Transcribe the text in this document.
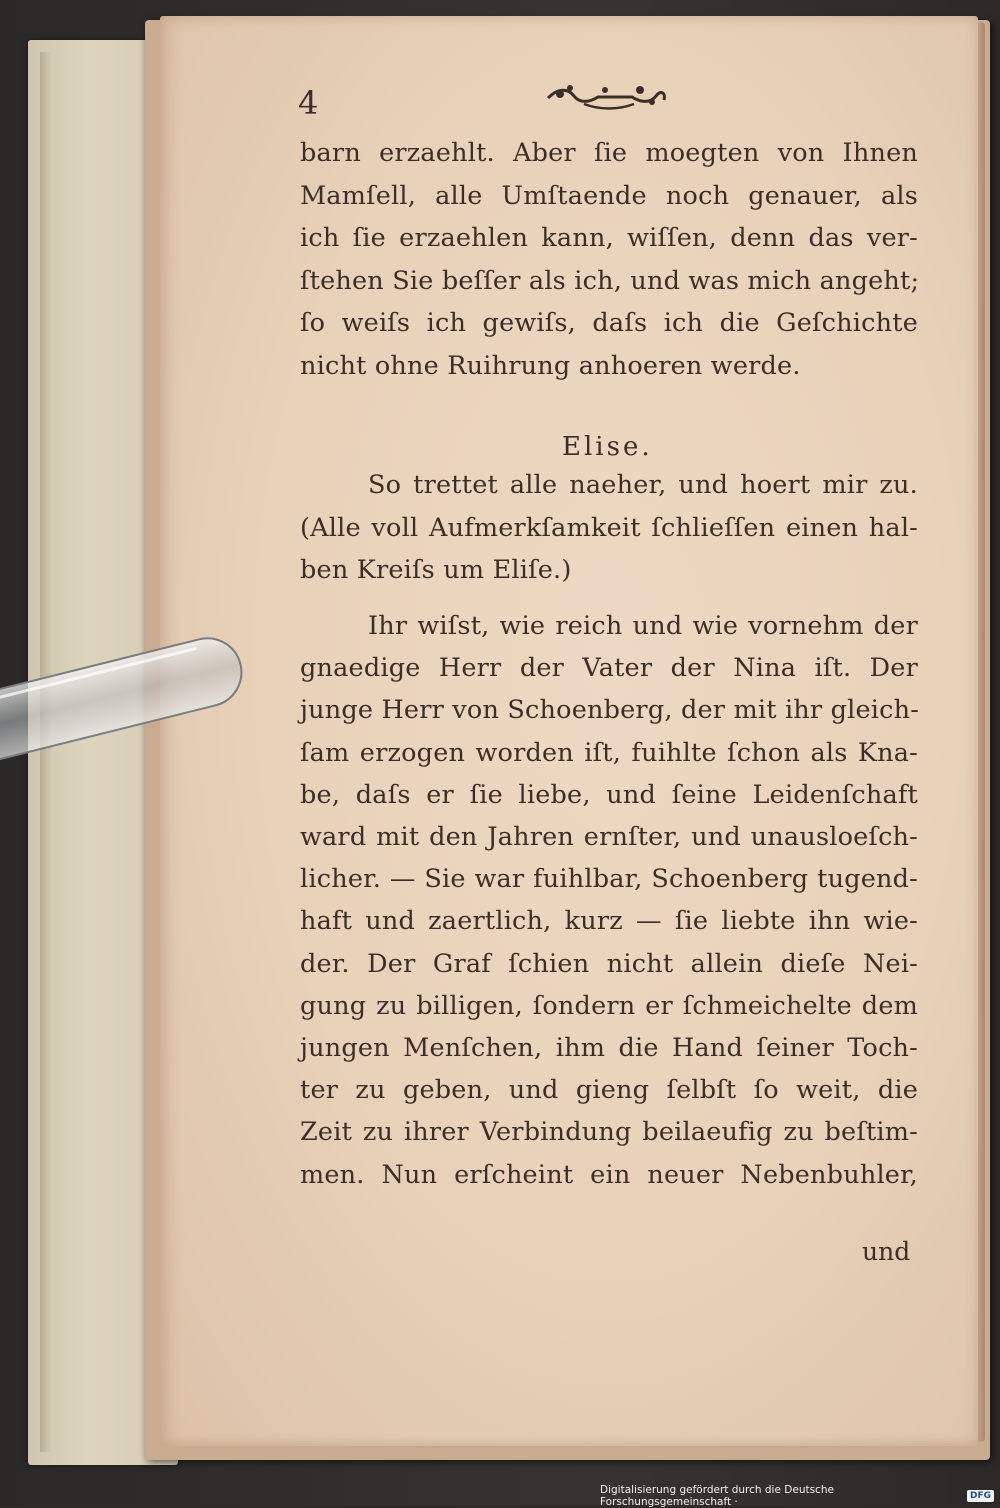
4
barn erzaehlt. Aber ſie moegten von Ihnen
Mamſell, alle Umſtaende noch genauer, als
ich ſie erzaehlen kann, wiſſen, denn das ver-
ſtehen Sie beſſer als ich, und was mich angeht;
ſo weiſs ich gewiſs, daſs ich die Geſchichte
nicht ohne Ruihrung anhoeren werde.
So trettet alle naeher, und hoert mir zu.
(Alle voll Aufmerkſamkeit ſchlieſſen einen hal-
ben Kreiſs um Eliſe.)
Ihr wiſst, wie reich und wie vornehm der
gnaedige Herr der Vater der Nina iſt. Der
junge Herr von Schoenberg, der mit ihr gleich-
ſam erzogen worden iſt, fuihlte ſchon als Kna-
be, daſs er ſie liebe, und ſeine Leidenſchaft
ward mit den Jahren ernſter, und unausloeſch-
licher. — Sie war fuihlbar, Schoenberg tugend-
haft und zaertlich, kurz — ſie liebte ihn wie-
der. Der Graf ſchien nicht allein dieſe Nei-
gung zu billigen, ſondern er ſchmeichelte dem
jungen Menſchen, ihm die Hand ſeiner Toch-
ter zu geben, und gieng ſelbſt ſo weit, die
Zeit zu ihrer Verbindung beilaeufig zu beſtim-
men. Nun erſcheint ein neuer Nebenbuhler,
Elise.
und
Digitalisierung gefördert durch die Deutsche Forschungsgemeinschaft ·	DFG
